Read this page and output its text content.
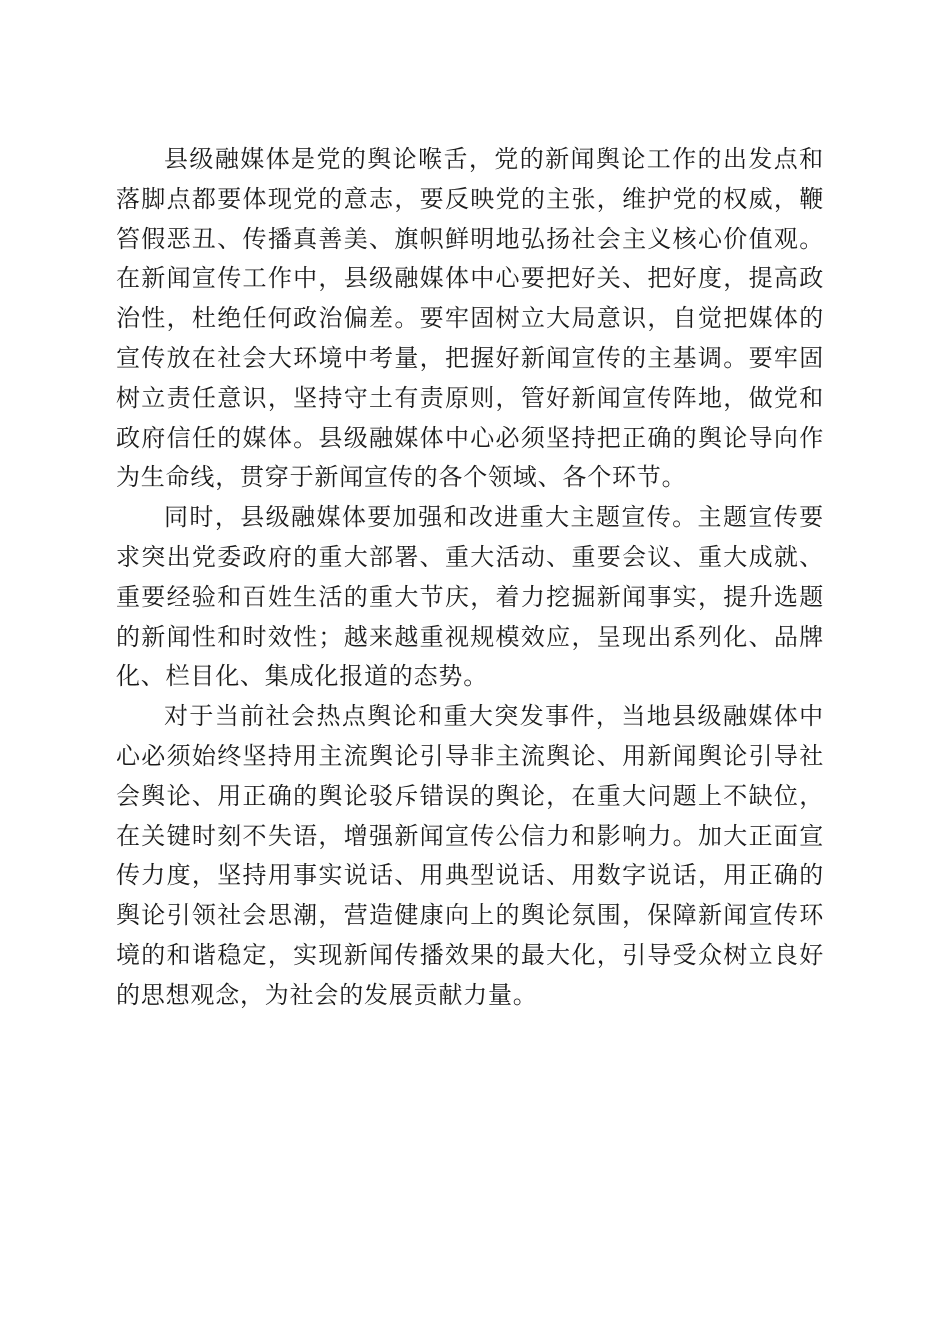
县级融媒体是党的舆论喉舌，党的新闻舆论工作的出发点和落脚点都要体现党的意志，要反映党的主张，维护党的权威，鞭笞假恶丑、传播真善美、旗帜鲜明地弘扬社会主义核心价值观。在新闻宣传工作中，县级融媒体中心要把好关、把好度，提高政治性，杜绝任何政治偏差。要牢固树立大局意识，自觉把媒体的宣传放在社会大环境中考量，把握好新闻宣传的主基调。要牢固树立责任意识，坚持守土有责原则，管好新闻宣传阵地，做党和政府信任的媒体。县级融媒体中心必须坚持把正确的舆论导向作为生命线，贯穿于新闻宣传的各个领域、各个环节。

同时，县级融媒体要加强和改进重大主题宣传。主题宣传要求突出党委政府的重大部署、重大活动、重要会议、重大成就、重要经验和百姓生活的重大节庆，着力挖掘新闻事实，提升选题的新闻性和时效性；越来越重视规模效应，呈现出系列化、品牌化、栏目化、集成化报道的态势。

对于当前社会热点舆论和重大突发事件，当地县级融媒体中心必须始终坚持用主流舆论引导非主流舆论、用新闻舆论引导社会舆论、用正确的舆论驳斥错误的舆论，在重大问题上不缺位，在关键时刻不失语，增强新闻宣传公信力和影响力。加大正面宣传力度，坚持用事实说话、用典型说话、用数字说话，用正确的舆论引领社会思潮，营造健康向上的舆论氛围，保障新闻宣传环境的和谐稳定，实现新闻传播效果的最大化，引导受众树立良好的思想观念，为社会的发展贡献力量。
